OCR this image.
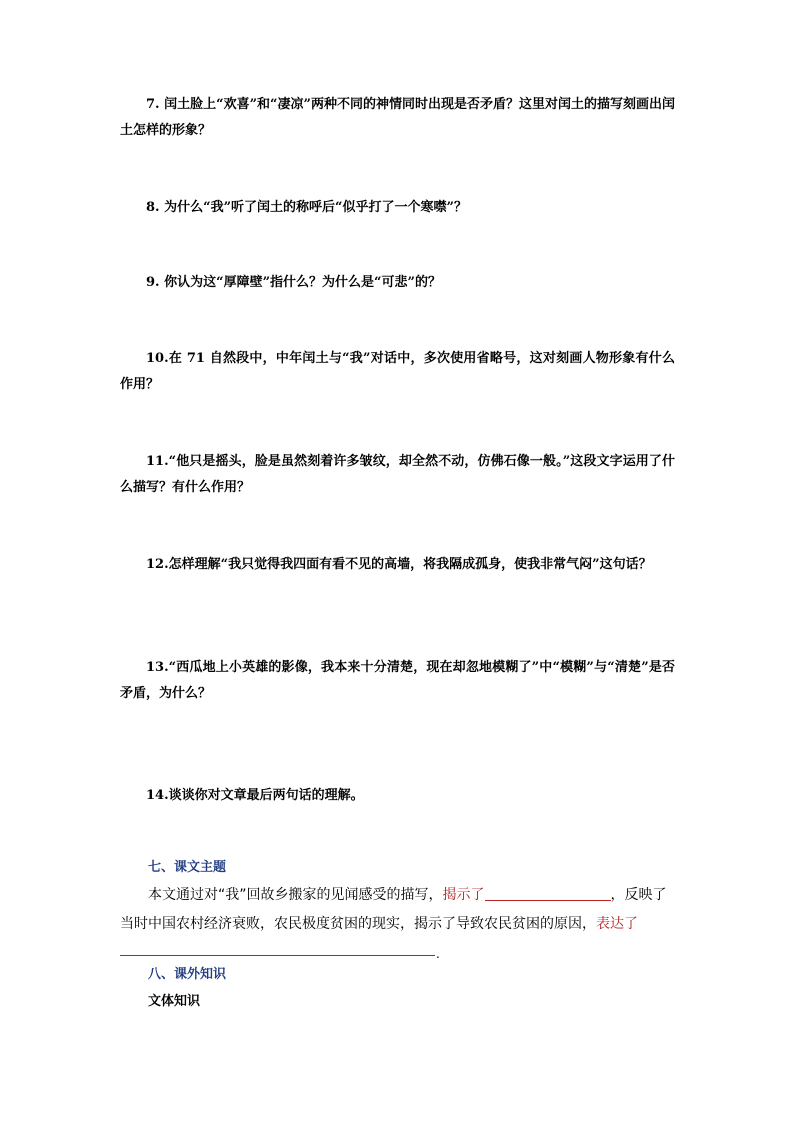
7. 闰土脸上“欢喜”和“凄凉”两种不同的神情同时出现是否矛盾？这里对闰土的描写刻画出闰土怎样的形象？

8. 为什么“我”听了闰土的称呼后“似乎打了一个寒噤”？

9. 你认为这“厚障壁”指什么？为什么是“可悲”的？

10.在 71 自然段中，中年闰土与“我”对话中，多次使用省略号，这对刻画人物形象有什么作用？

11.“他只是摇头，脸是虽然刻着许多皱纹，却全然不动，仿佛石像一般。”这段文字运用了什么描写？有什么作用？

12.怎样理解“我只觉得我四面有看不见的高墙，将我隔成孤身，使我非常气闷”这句话？

13.“西瓜地上小英雄的影像，我本来十分清楚，现在却忽地模糊了”中“模糊”与“清楚”是否矛盾，为什么？

14.谈谈你对文章最后两句话的理解。

七、课文主题

本文通过对“我”回故乡搬家的见闻感受的描写，揭示了	，反映了当时中国农村经济衰败，农民极度贫困的现实，揭示了导致农民贫困的原因，表达了

.

八、课外知识

文体知识
